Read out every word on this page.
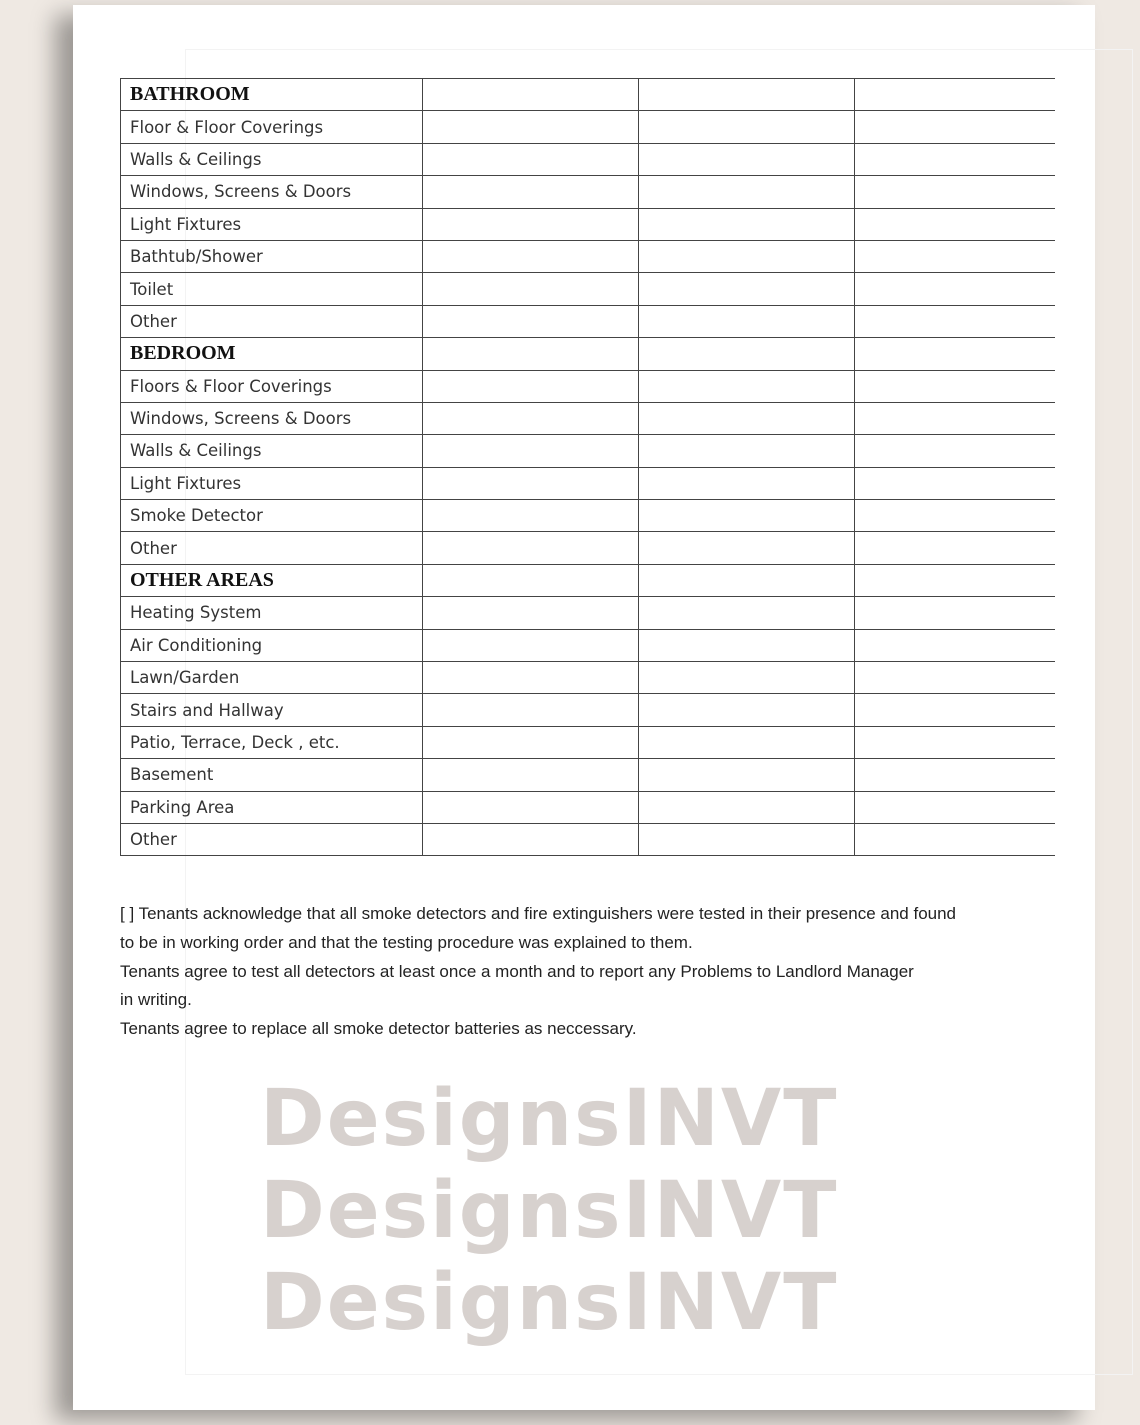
BATHROOM			
Floor & Floor Coverings			
Walls & Ceilings			
Windows, Screens & Doors			
Light Fixtures			
Bathtub/Shower			
Toilet			
Other			
BEDROOM			
Floors & Floor Coverings			
Windows, Screens & Doors			
Walls & Ceilings			
Light Fixtures			
Smoke Detector			
Other			
OTHER AREAS			
Heating System			
Air Conditioning			
Lawn/Garden			
Stairs and Hallway			
Patio, Terrace, Deck , etc.			
Basement			
Parking Area			
Other			
[ ] Tenants acknowledge that all smoke detectors and fire extinguishers were tested in their presence and found
to be in working order and that the testing procedure was explained to them.
Tenants agree to test all detectors at least once a month and to report any Problems to Landlord Manager
in writing.
Tenants agree to replace all smoke detector batteries as neccessary.
DesignsINVT DesignsINVT DesignsINVT
